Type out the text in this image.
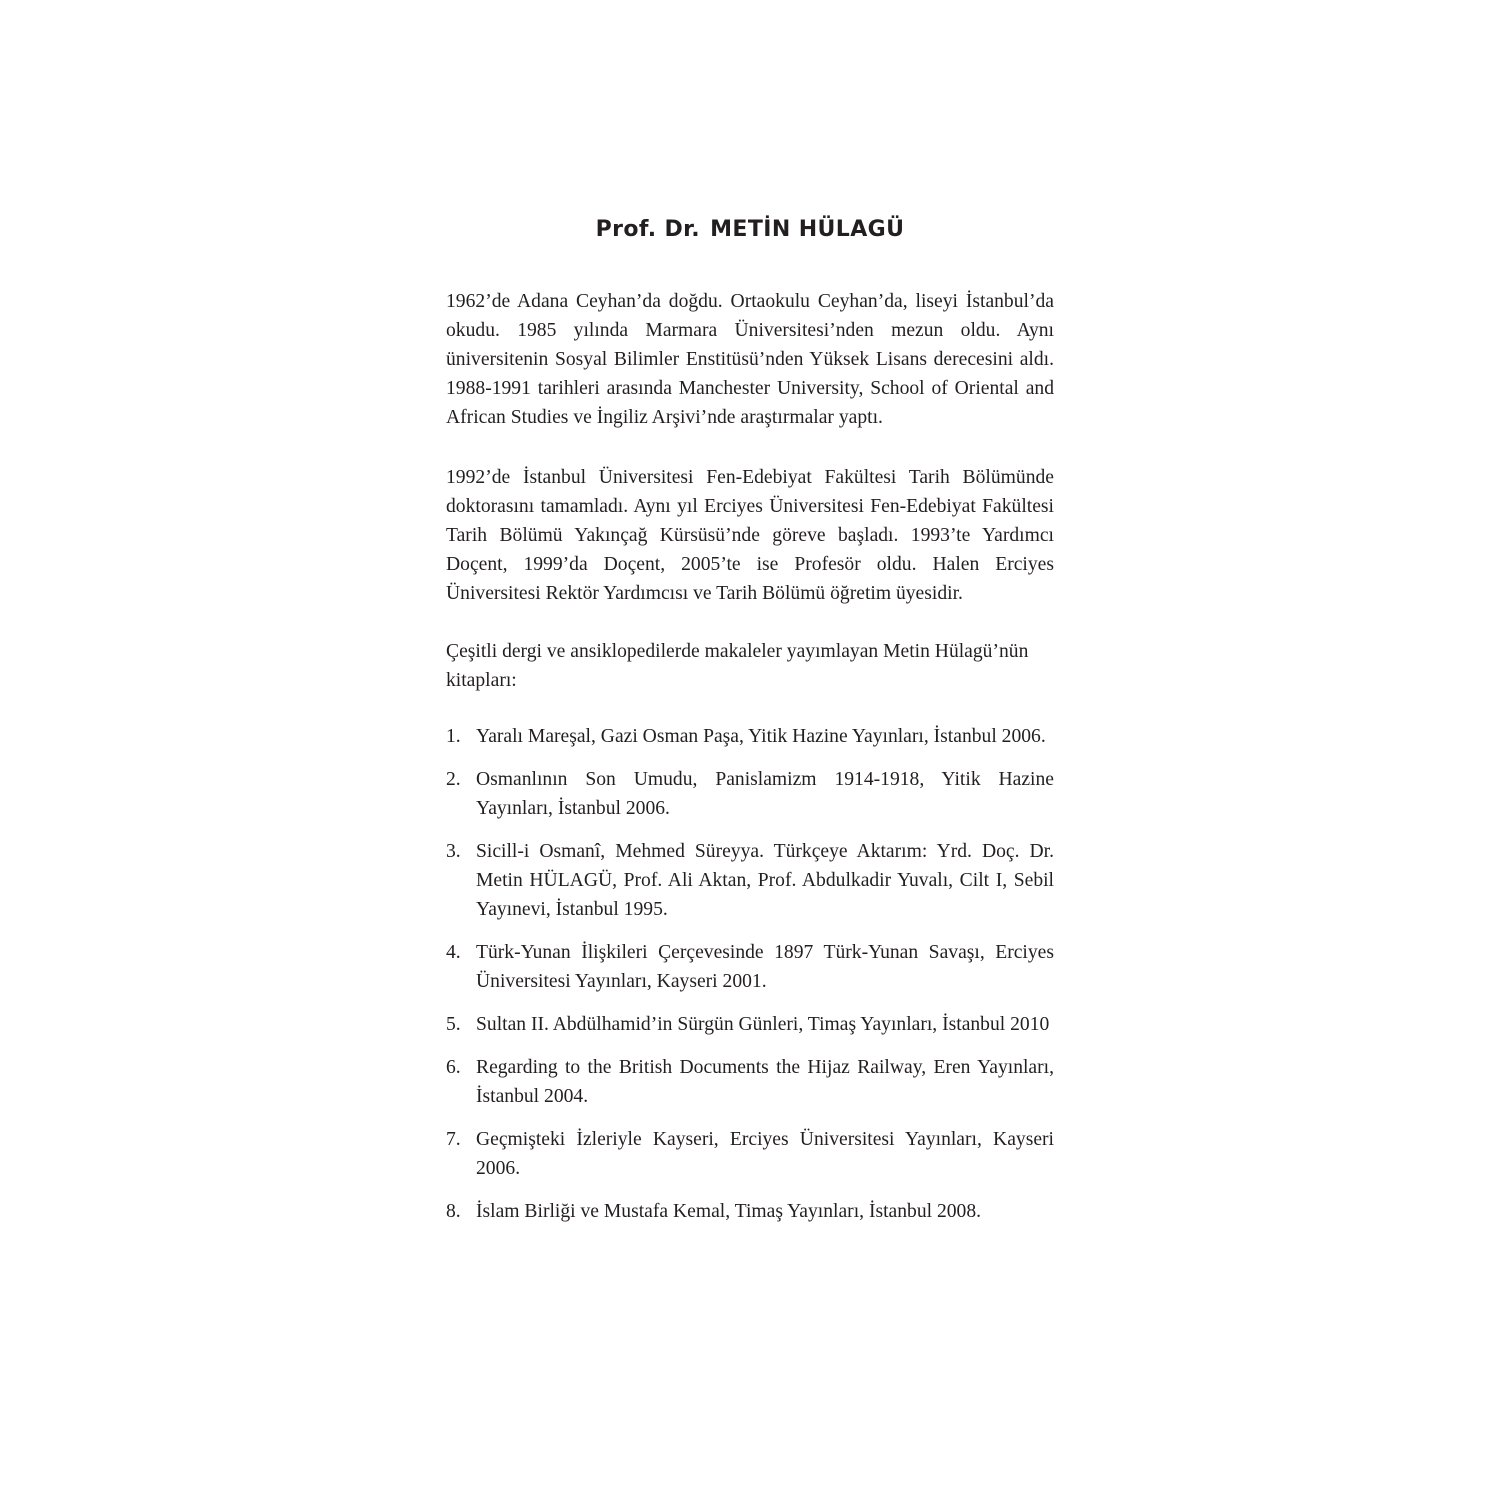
Prof. Dr. METİN HÜLAGÜ

1962’de Adana Ceyhan’da doğdu. Ortaokulu Ceyhan’da, liseyi İstanbul’da okudu. 1985 yılında Marmara Üniversitesi’nden mezun oldu. Aynı üniversitenin Sosyal Bilimler Enstitüsü’nden Yüksek Lisans derecesini aldı. 1988-1991 tarihleri arasında Manchester University, School of Oriental and African Studies ve İngiliz Arşivi’nde araştırmalar yaptı.

1992’de İstanbul Üniversitesi Fen-Edebiyat Fakültesi Tarih Bölümünde doktorasını tamamladı. Aynı yıl Erciyes Üniversitesi Fen-Edebiyat Fakültesi Tarih Bölümü Yakınçağ Kürsüsü’nde göreve başladı. 1993’te Yardımcı Doçent, 1999’da Doçent, 2005’te ise Profesör oldu. Halen Erciyes Üniversitesi Rektör Yardımcısı ve Tarih Bölümü öğretim üyesidir.

Çeşitli dergi ve ansiklopedilerde makaleler yayımlayan Metin Hülagü’nün kitapları:

1. Yaralı Mareşal, Gazi Osman Paşa, Yitik Hazine Yayınları, İstanbul 2006.
2. Osmanlının Son Umudu, Panislamizm 1914-1918, Yitik Hazine Yayınları, İstanbul 2006.
3. Sicill-i Osmanî, Mehmed Süreyya. Türkçeye Aktarım: Yrd. Doç. Dr. Metin HÜLAGÜ, Prof. Ali Aktan, Prof. Abdulkadir Yuvalı, Cilt I, Sebil Yayınevi, İstanbul 1995.
4. Türk-Yunan İlişkileri Çerçevesinde 1897 Türk-Yunan Savaşı, Erciyes Üniversitesi Yayınları, Kayseri 2001.
5. Sultan II. Abdülhamid’in Sürgün Günleri, Timaş Yayınları, İstanbul 2010
6. Regarding to the British Documents the Hijaz Railway, Eren Yayınları, İstanbul 2004.
7. Geçmişteki İzleriyle Kayseri, Erciyes Üniversitesi Yayınları, Kayseri 2006.
8. İslam Birliği ve Mustafa Kemal, Timaş Yayınları, İstanbul 2008.
